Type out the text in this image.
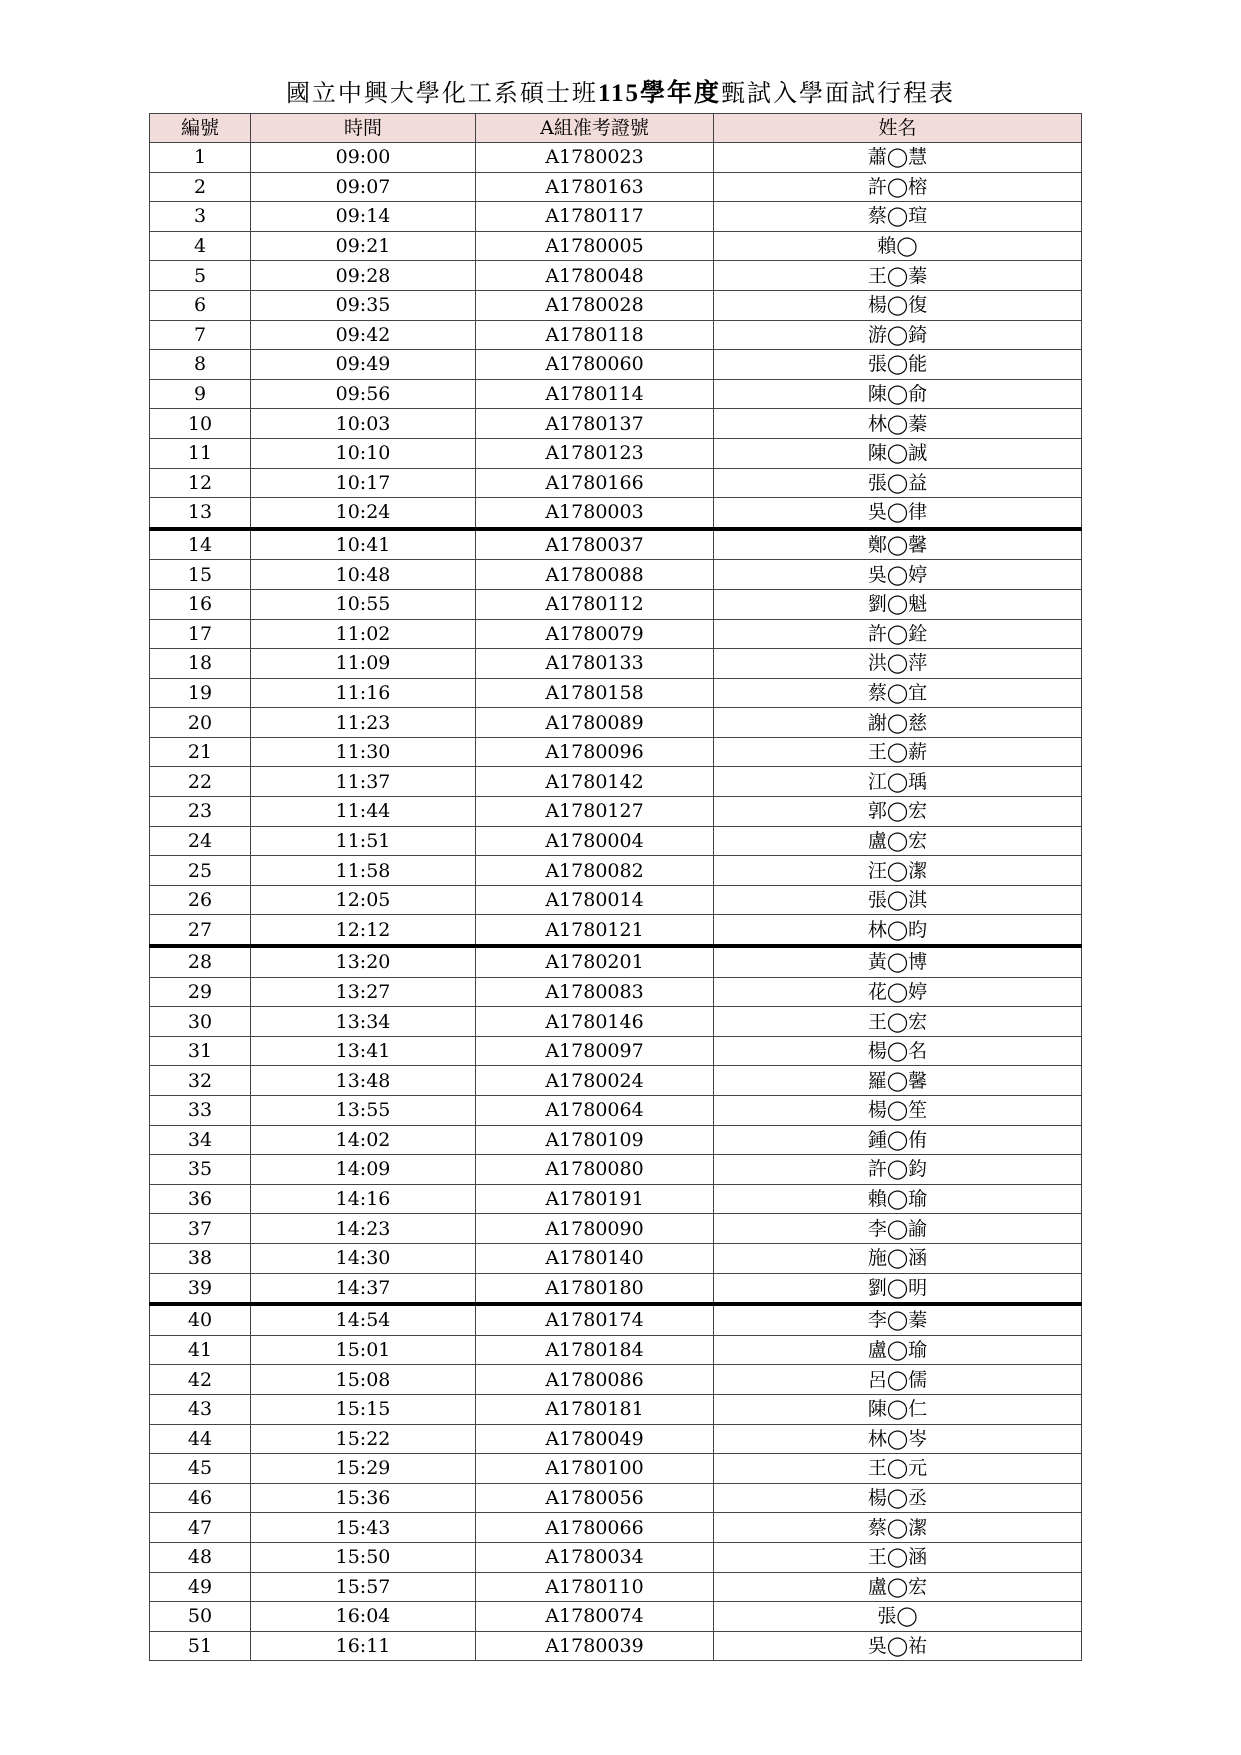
國立中興大學化工系碩士班115學年度甄試入學面試行程表
編號	時間	A組准考證號	姓名
1	09:00	A1780023	蕭◯慧
2	09:07	A1780163	許◯榕
3	09:14	A1780117	蔡◯瑄
4	09:21	A1780005	賴◯
5	09:28	A1780048	王◯蓁
6	09:35	A1780028	楊◯復
7	09:42	A1780118	游◯錡
8	09:49	A1780060	張◯能
9	09:56	A1780114	陳◯俞
10	10:03	A1780137	林◯蓁
11	10:10	A1780123	陳◯誠
12	10:17	A1780166	張◯益
13	10:24	A1780003	吳◯律
14	10:41	A1780037	鄭◯馨
15	10:48	A1780088	吳◯婷
16	10:55	A1780112	劉◯魁
17	11:02	A1780079	許◯銓
18	11:09	A1780133	洪◯萍
19	11:16	A1780158	蔡◯宜
20	11:23	A1780089	謝◯慈
21	11:30	A1780096	王◯薪
22	11:37	A1780142	江◯瑀
23	11:44	A1780127	郭◯宏
24	11:51	A1780004	盧◯宏
25	11:58	A1780082	汪◯潔
26	12:05	A1780014	張◯淇
27	12:12	A1780121	林◯昀
28	13:20	A1780201	黃◯博
29	13:27	A1780083	花◯婷
30	13:34	A1780146	王◯宏
31	13:41	A1780097	楊◯名
32	13:48	A1780024	羅◯馨
33	13:55	A1780064	楊◯笙
34	14:02	A1780109	鍾◯侑
35	14:09	A1780080	許◯鈞
36	14:16	A1780191	賴◯瑜
37	14:23	A1780090	李◯諭
38	14:30	A1780140	施◯涵
39	14:37	A1780180	劉◯明
40	14:54	A1780174	李◯蓁
41	15:01	A1780184	盧◯瑜
42	15:08	A1780086	呂◯儒
43	15:15	A1780181	陳◯仁
44	15:22	A1780049	林◯岑
45	15:29	A1780100	王◯元
46	15:36	A1780056	楊◯丞
47	15:43	A1780066	蔡◯潔
48	15:50	A1780034	王◯涵
49	15:57	A1780110	盧◯宏
50	16:04	A1780074	張◯
51	16:11	A1780039	吳◯祐
